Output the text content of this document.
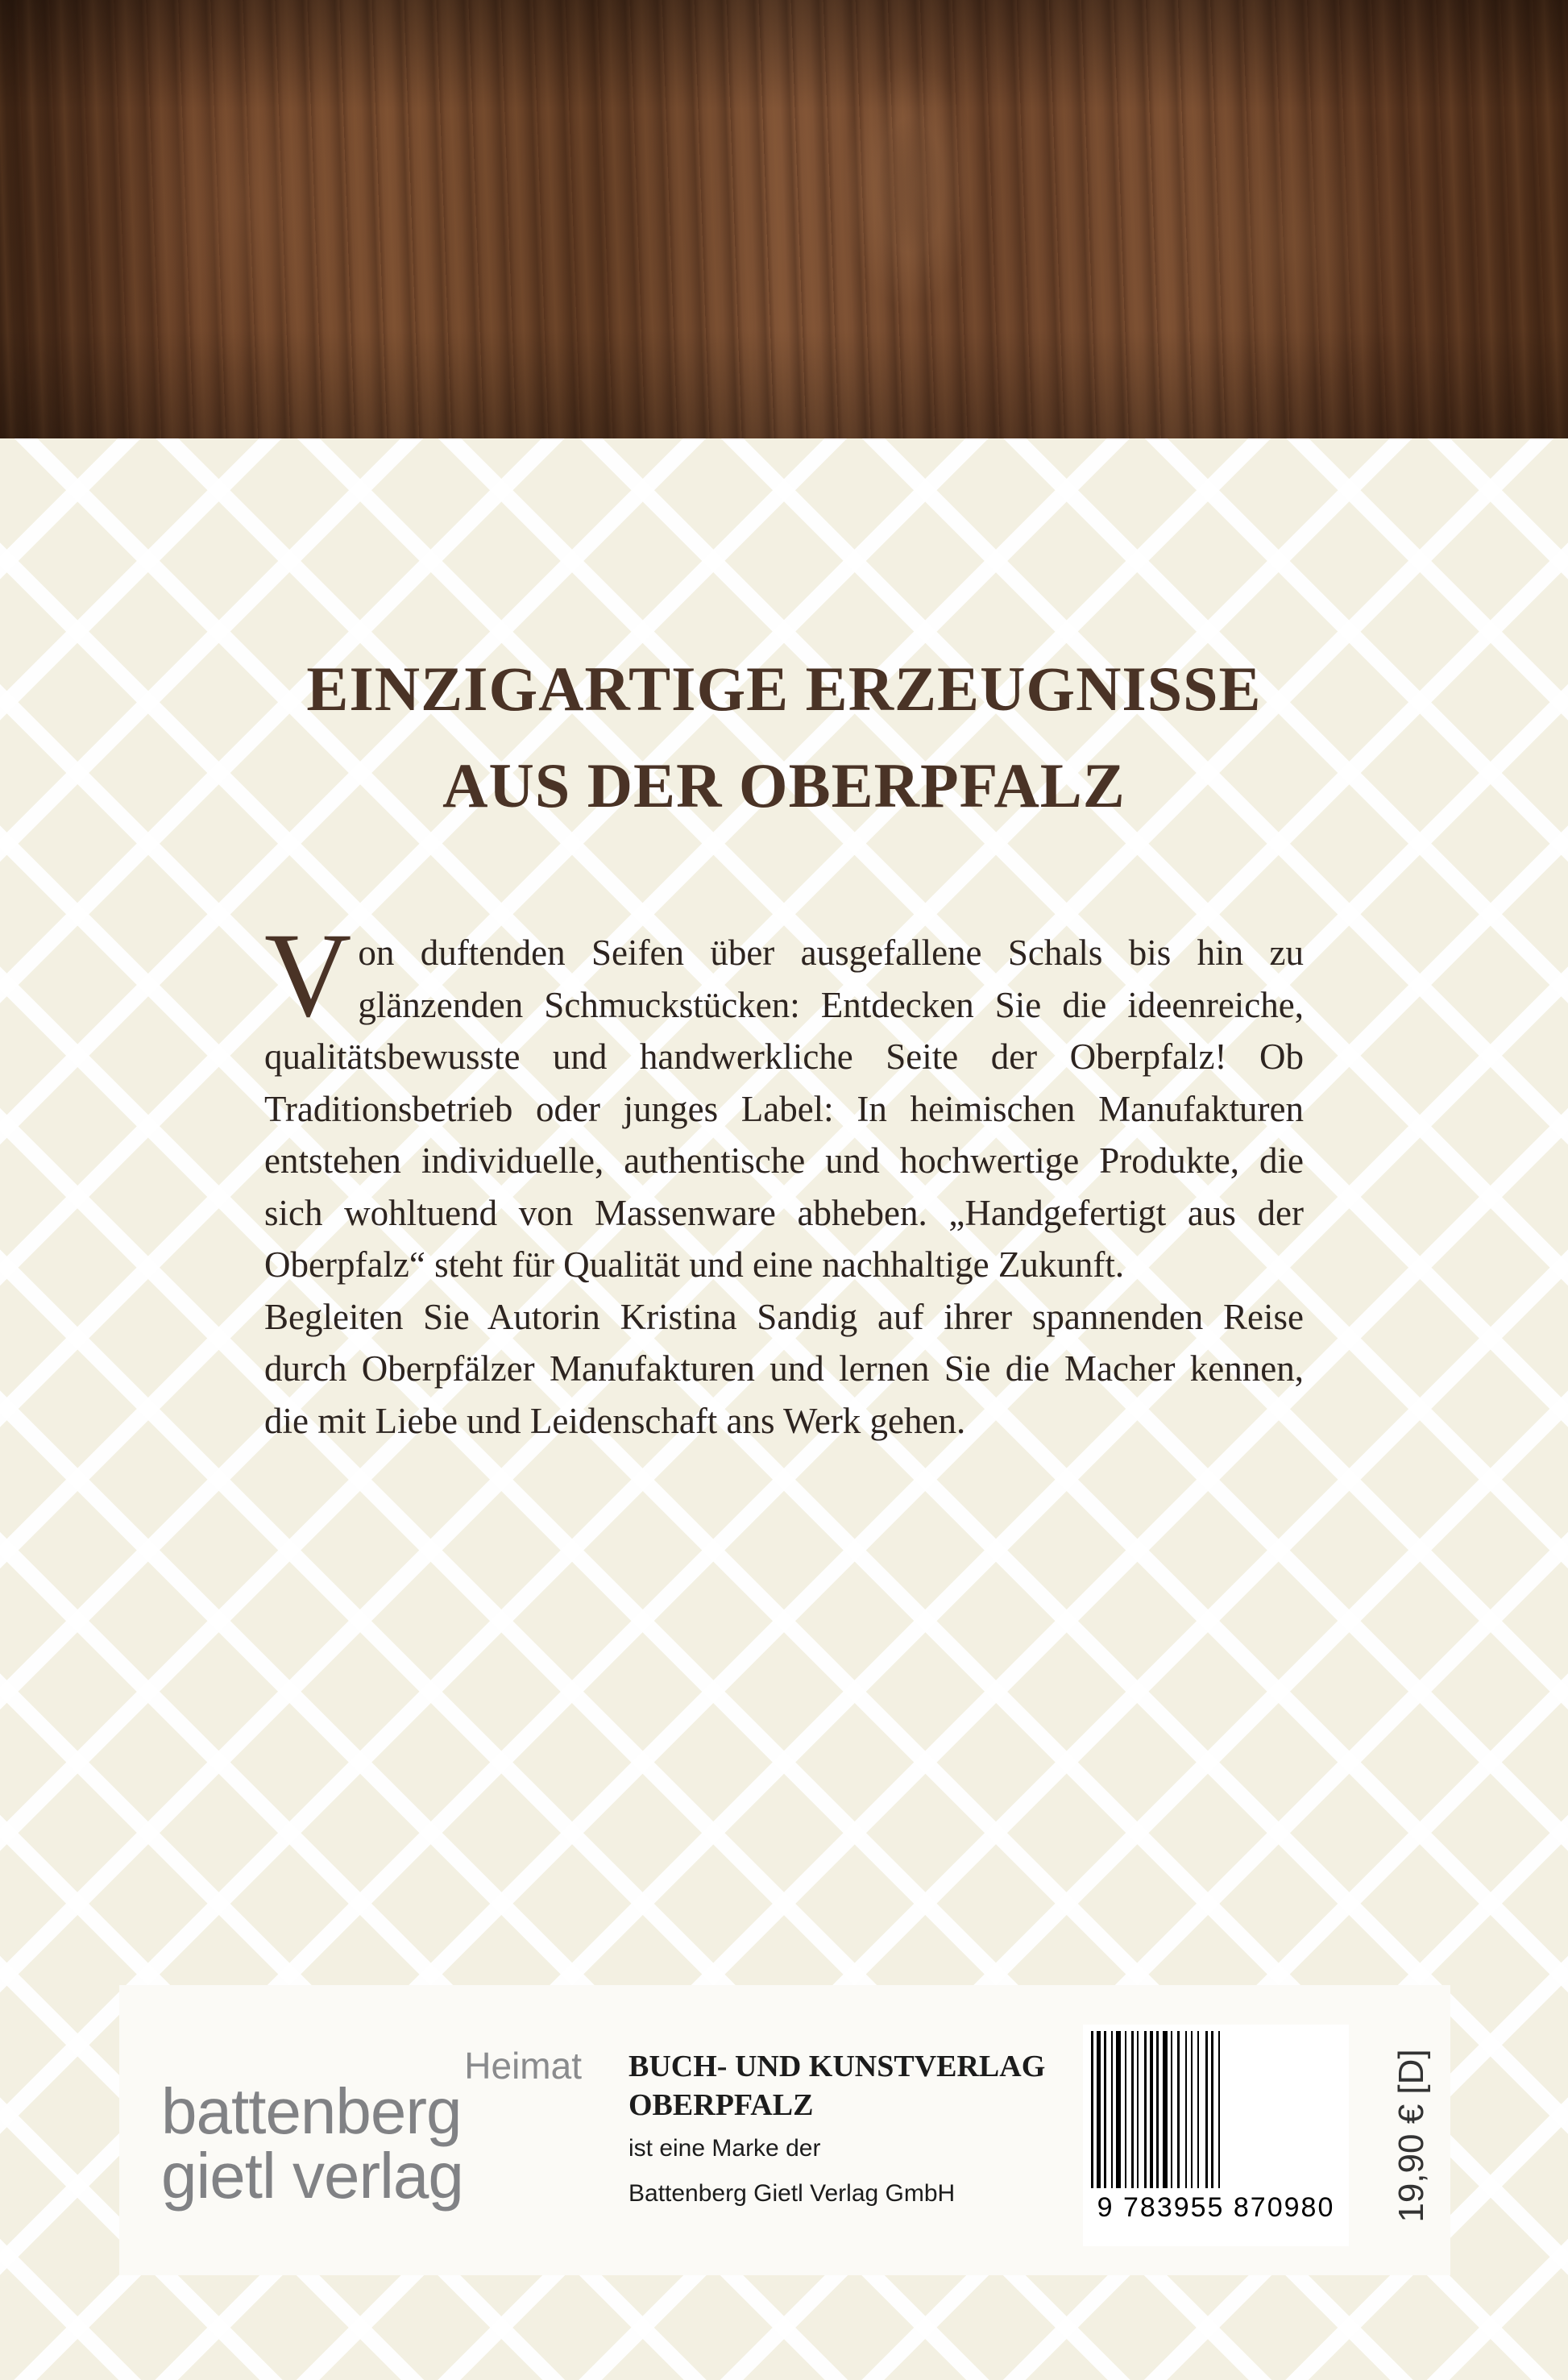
EINZIGARTIGE ERZEUGNISSE
AUS DER OBERPFALZ

Von duftenden Seifen über ausgefallene Schals bis hin zu glänzenden Schmuckstücken: Entdecken Sie die ideenreiche, qualitätsbewusste und handwerkliche Seite der Oberpfalz! Ob Traditionsbetrieb oder junges Label: In heimischen Manufakturen entstehen individuelle, authentische und hochwertige Produkte, die sich wohltuend von Massenware abheben. „Handgefertigt aus der Oberpfalz“ steht für Qualität und eine nachhaltige Zukunft.

Begleiten Sie Autorin Kristina Sandig auf ihrer spannenden Reise durch Oberpfälzer Manufakturen und lernen Sie die Macher kennen, die mit Liebe und Leidenschaft ans Werk gehen.

Heimat
battenberg
gietl verlag
BUCH- UND KUNSTVERLAG
OBERPFALZ
ist eine Marke der
Battenberg Gietl Verlag GmbH	9 783955 870980	19,90 € [D]
